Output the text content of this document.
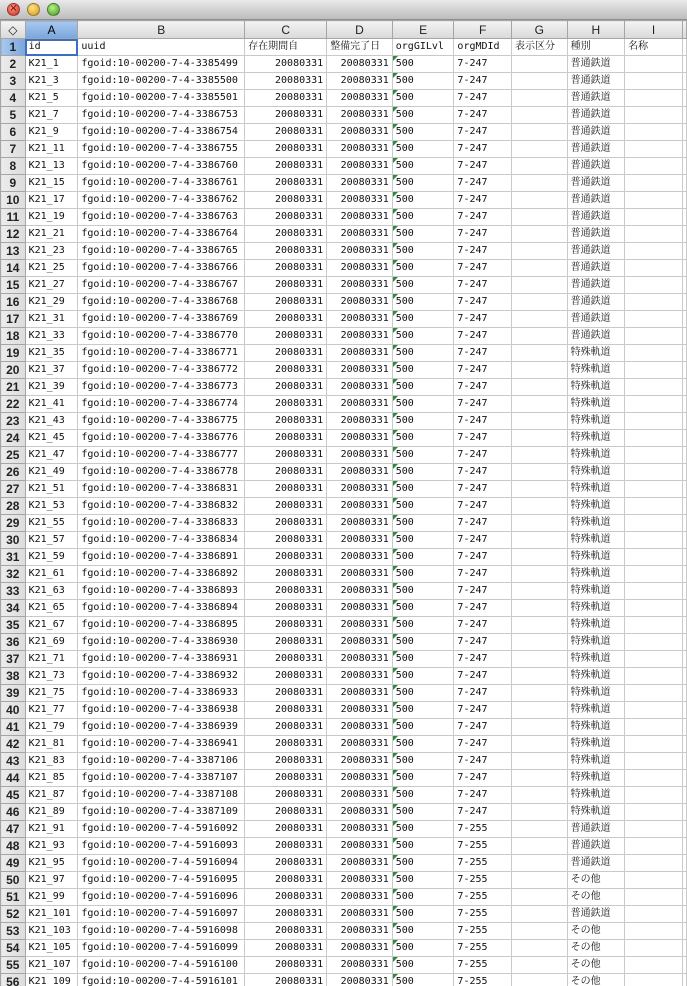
×
◇	A	B	C	D	E	F	G	H	I	
1	id	uuid	存在期間自	整備完了日	orgGILvl	orgMDId	表示区分	種別	名称	
2	K21_1	fgoid:10-00200-7-4-3385499	20080331	20080331	500	7-247		普通鉄道		
3	K21_3	fgoid:10-00200-7-4-3385500	20080331	20080331	500	7-247		普通鉄道		
4	K21_5	fgoid:10-00200-7-4-3385501	20080331	20080331	500	7-247		普通鉄道		
5	K21_7	fgoid:10-00200-7-4-3386753	20080331	20080331	500	7-247		普通鉄道		
6	K21_9	fgoid:10-00200-7-4-3386754	20080331	20080331	500	7-247		普通鉄道		
7	K21_11	fgoid:10-00200-7-4-3386755	20080331	20080331	500	7-247		普通鉄道		
8	K21_13	fgoid:10-00200-7-4-3386760	20080331	20080331	500	7-247		普通鉄道		
9	K21_15	fgoid:10-00200-7-4-3386761	20080331	20080331	500	7-247		普通鉄道		
10	K21_17	fgoid:10-00200-7-4-3386762	20080331	20080331	500	7-247		普通鉄道		
11	K21_19	fgoid:10-00200-7-4-3386763	20080331	20080331	500	7-247		普通鉄道		
12	K21_21	fgoid:10-00200-7-4-3386764	20080331	20080331	500	7-247		普通鉄道		
13	K21_23	fgoid:10-00200-7-4-3386765	20080331	20080331	500	7-247		普通鉄道		
14	K21_25	fgoid:10-00200-7-4-3386766	20080331	20080331	500	7-247		普通鉄道		
15	K21_27	fgoid:10-00200-7-4-3386767	20080331	20080331	500	7-247		普通鉄道		
16	K21_29	fgoid:10-00200-7-4-3386768	20080331	20080331	500	7-247		普通鉄道		
17	K21_31	fgoid:10-00200-7-4-3386769	20080331	20080331	500	7-247		普通鉄道		
18	K21_33	fgoid:10-00200-7-4-3386770	20080331	20080331	500	7-247		普通鉄道		
19	K21_35	fgoid:10-00200-7-4-3386771	20080331	20080331	500	7-247		特殊軌道		
20	K21_37	fgoid:10-00200-7-4-3386772	20080331	20080331	500	7-247		特殊軌道		
21	K21_39	fgoid:10-00200-7-4-3386773	20080331	20080331	500	7-247		特殊軌道		
22	K21_41	fgoid:10-00200-7-4-3386774	20080331	20080331	500	7-247		特殊軌道		
23	K21_43	fgoid:10-00200-7-4-3386775	20080331	20080331	500	7-247		特殊軌道		
24	K21_45	fgoid:10-00200-7-4-3386776	20080331	20080331	500	7-247		特殊軌道		
25	K21_47	fgoid:10-00200-7-4-3386777	20080331	20080331	500	7-247		特殊軌道		
26	K21_49	fgoid:10-00200-7-4-3386778	20080331	20080331	500	7-247		特殊軌道		
27	K21_51	fgoid:10-00200-7-4-3386831	20080331	20080331	500	7-247		特殊軌道		
28	K21_53	fgoid:10-00200-7-4-3386832	20080331	20080331	500	7-247		特殊軌道		
29	K21_55	fgoid:10-00200-7-4-3386833	20080331	20080331	500	7-247		特殊軌道		
30	K21_57	fgoid:10-00200-7-4-3386834	20080331	20080331	500	7-247		特殊軌道		
31	K21_59	fgoid:10-00200-7-4-3386891	20080331	20080331	500	7-247		特殊軌道		
32	K21_61	fgoid:10-00200-7-4-3386892	20080331	20080331	500	7-247		特殊軌道		
33	K21_63	fgoid:10-00200-7-4-3386893	20080331	20080331	500	7-247		特殊軌道		
34	K21_65	fgoid:10-00200-7-4-3386894	20080331	20080331	500	7-247		特殊軌道		
35	K21_67	fgoid:10-00200-7-4-3386895	20080331	20080331	500	7-247		特殊軌道		
36	K21_69	fgoid:10-00200-7-4-3386930	20080331	20080331	500	7-247		特殊軌道		
37	K21_71	fgoid:10-00200-7-4-3386931	20080331	20080331	500	7-247		特殊軌道		
38	K21_73	fgoid:10-00200-7-4-3386932	20080331	20080331	500	7-247		特殊軌道		
39	K21_75	fgoid:10-00200-7-4-3386933	20080331	20080331	500	7-247		特殊軌道		
40	K21_77	fgoid:10-00200-7-4-3386938	20080331	20080331	500	7-247		特殊軌道		
41	K21_79	fgoid:10-00200-7-4-3386939	20080331	20080331	500	7-247		特殊軌道		
42	K21_81	fgoid:10-00200-7-4-3386941	20080331	20080331	500	7-247		特殊軌道		
43	K21_83	fgoid:10-00200-7-4-3387106	20080331	20080331	500	7-247		特殊軌道		
44	K21_85	fgoid:10-00200-7-4-3387107	20080331	20080331	500	7-247		特殊軌道		
45	K21_87	fgoid:10-00200-7-4-3387108	20080331	20080331	500	7-247		特殊軌道		
46	K21_89	fgoid:10-00200-7-4-3387109	20080331	20080331	500	7-247		特殊軌道		
47	K21_91	fgoid:10-00200-7-4-5916092	20080331	20080331	500	7-255		普通鉄道		
48	K21_93	fgoid:10-00200-7-4-5916093	20080331	20080331	500	7-255		普通鉄道		
49	K21_95	fgoid:10-00200-7-4-5916094	20080331	20080331	500	7-255		普通鉄道		
50	K21_97	fgoid:10-00200-7-4-5916095	20080331	20080331	500	7-255		その他		
51	K21_99	fgoid:10-00200-7-4-5916096	20080331	20080331	500	7-255		その他		
52	K21_101	fgoid:10-00200-7-4-5916097	20080331	20080331	500	7-255		普通鉄道		
53	K21_103	fgoid:10-00200-7-4-5916098	20080331	20080331	500	7-255		その他		
54	K21_105	fgoid:10-00200-7-4-5916099	20080331	20080331	500	7-255		その他		
55	K21_107	fgoid:10-00200-7-4-5916100	20080331	20080331	500	7-255		その他		
56	K21_109	fgoid:10-00200-7-4-5916101	20080331	20080331	500	7-255		その他		
